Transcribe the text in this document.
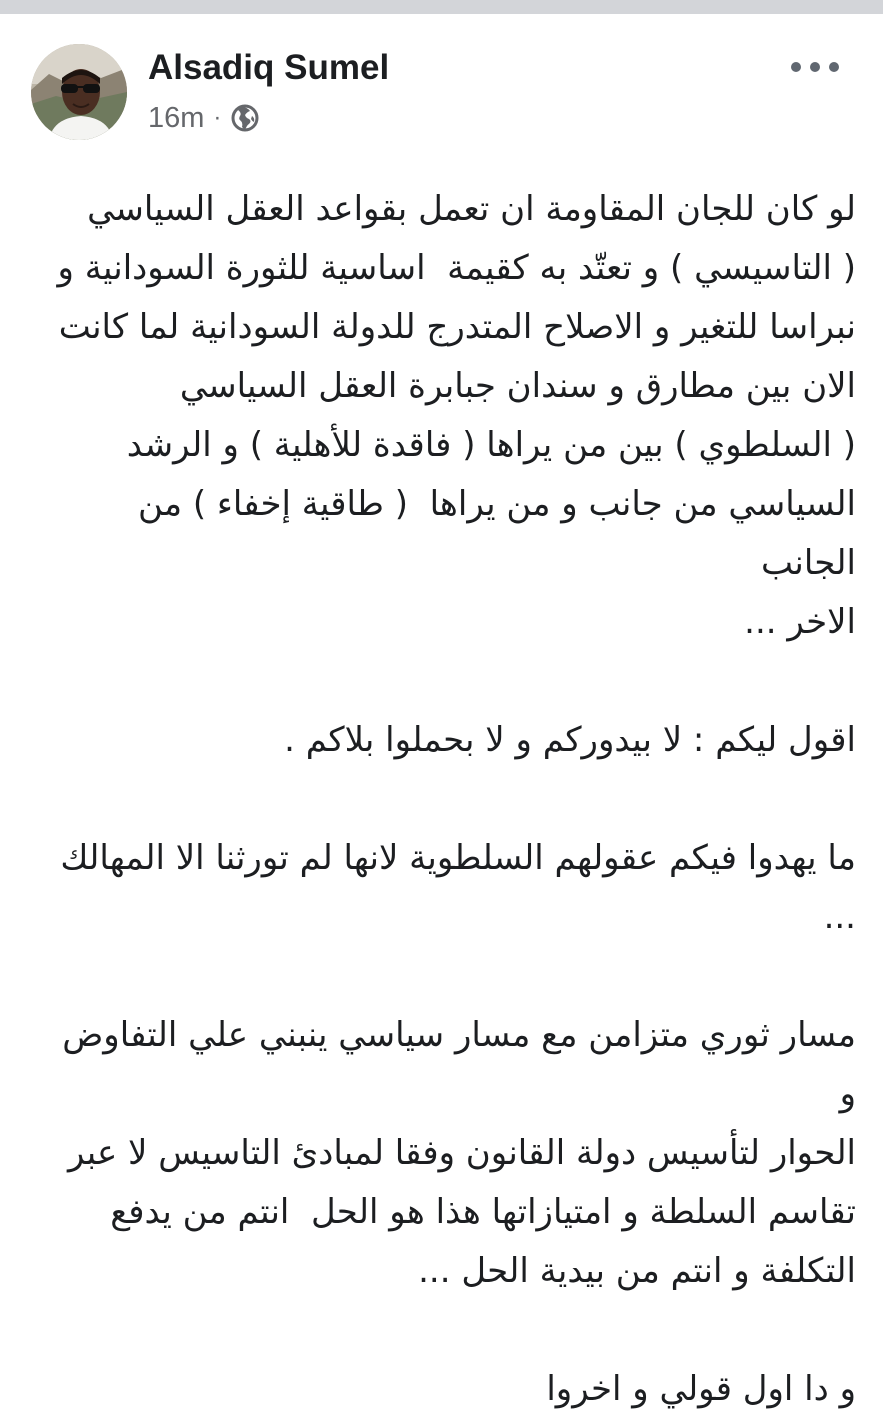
Alsadiq Sumel
16m ·

لو كان للجان المقاومة ان تعمل بقواعد العقل السياسي
( التاسيسي ) و تعتّد به كقيمة  اساسية للثورة السودانية و
نبراسا للتغير و الاصلاح المتدرج للدولة السودانية لما كانت
الان بين مطارق و سندان جبابرة العقل السياسي
( السلطوي ) بين من يراها ( فاقدة للأهلية ) و الرشد
السياسي من جانب و من يراها  ( طاقية إخفاء ) من الجانب
الاخر ...

اقول ليكم : لا بيدوركم و لا بحملوا بلاكم .

ما يهدوا فيكم عقولهم السلطوية لانها لم تورثنا الا المهالك ...

مسار ثوري متزامن مع مسار سياسي ينبني علي التفاوض و
الحوار لتأسيس دولة القانون وفقا لمبادئ التاسيس لا عبر
تقاسم السلطة و امتيازاتها هذا هو الحل  انتم من يدفع
التكلفة و انتم من بيدية الحل ...

و دا اول قولي و اخروا
